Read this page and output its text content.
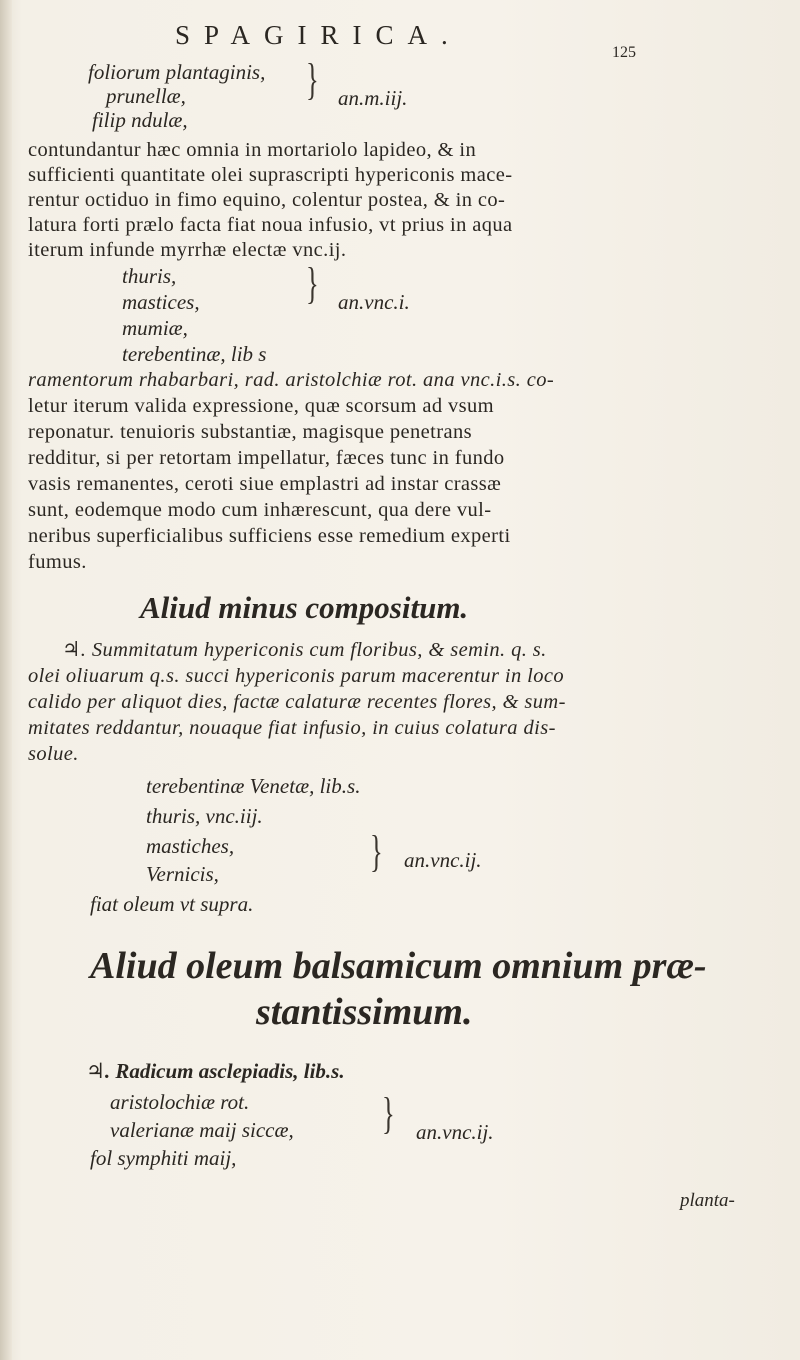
SPAGIRICA.
125
foliorum plantaginis,
prunellæ,
filip ndulæ,
} an.m.iij.
contundantur hæc omnia in mortariolo lapideo, & in
sufficienti quantitate olei suprascripti hypericonis mace-
rentur octiduo in fimo equino, colentur postea, & in co-
latura forti prælo facta fiat noua infusio, vt prius in aqua
iterum infunde myrrhæ electæ vnc.ij.
thuris,
mastices,
mumiæ,
} an.vnc.i.
terebentinæ, lib s
ramentorum rhabarbari, rad. aristolchiæ rot. ana vnc.i.s. co-
letur iterum valida expressione, quæ scorsum ad vsum
reponatur. tenuioris substantiæ, magisque penetrans
redditur, si per retortam impellatur, fæces tunc in fundo
vasis remanentes, ceroti siue emplastri ad instar crassæ
sunt, eodemque modo cum inhærescunt, qua dere vul-
neribus superficialibus sufficiens esse remedium experti
fumus.
Aliud minus compositum.
♃. Summitatum hypericonis cum floribus, & semin. q. s.
olei oliuarum q.s. succi hypericonis parum macerentur in loco
calido per aliquot dies, factæ calaturæ recentes flores, & sum-
mitates reddantur, nouaque fiat infusio, in cuius colatura dis-
solue.
terebentinæ Venetæ, lib.s.
thuris, vnc.iij.
mastiches,
Vernicis,	} an.vnc.ij.
fiat oleum vt supra.
Aliud oleum balsamicum omnium præ-
stantissimum.
♃. Radicum asclepiadis, lib.s.
aristolochiæ rot.
valerianæ maij siccæ,
fol symphiti maij,
} an.vnc.ij.
planta-
